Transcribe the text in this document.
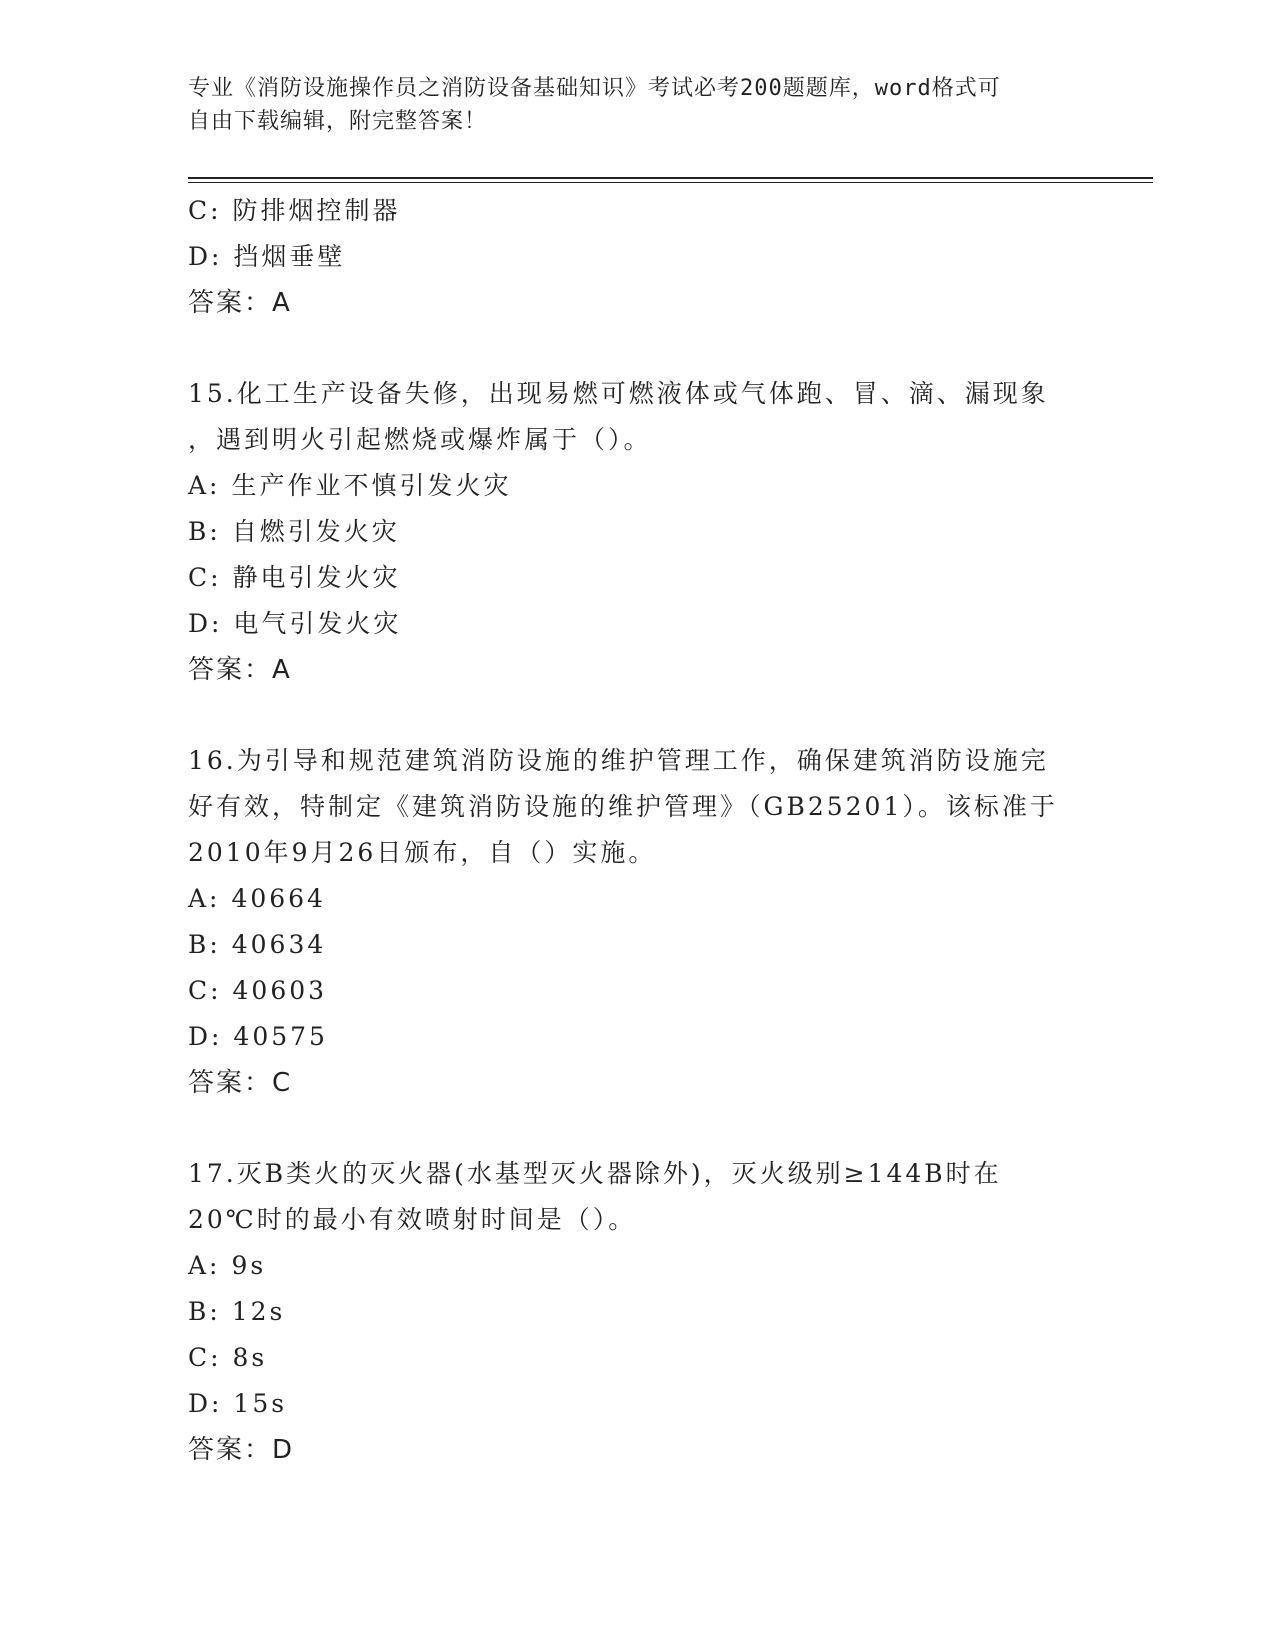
专业《消防设施操作员之消防设备基础知识》考试必考200题题库，word格式可
自由下载编辑，附完整答案！
C: 防排烟控制器
D: 挡烟垂壁
答案：A
15.化工生产设备失修，出现易燃可燃液体或气体跑、冒、滴、漏现象
，遇到明火引起燃烧或爆炸属于（）。
A: 生产作业不慎引发火灾
B: 自燃引发火灾
C: 静电引发火灾
D: 电气引发火灾
答案：A
16.为引导和规范建筑消防设施的维护管理工作，确保建筑消防设施完
好有效，特制定《建筑消防设施的维护管理》（GB25201）。该标准于
2010年9月26日颁布，自（）实施。
A: 40664
B: 40634
C: 40603
D: 40575
答案：C
17.灭B类火的灭火器(水基型灭火器除外)，灭火级别≥144B时在
20℃时的最小有效喷射时间是（）。
A: 9s
B: 12s
C: 8s
D: 15s
答案：D
